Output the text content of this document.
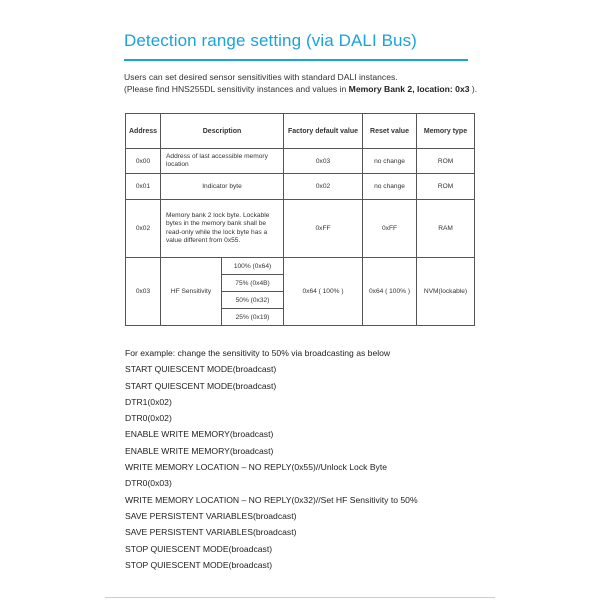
Detection range setting (via DALI Bus)
Users can set desired sensor sensitivities with standard DALI instances.
(Please find HNS255DL sensitivity instances and values in Memory Bank 2, location: 0x3 ).
Address	Description		Factory default value	Reset value	Memory type
0x00	Address of last accessible memory location		0x03	no change	ROM
0x01	Indicator byte		0x02	no change	ROM
0x02	Memory bank 2 lock byte. Lockable bytes in the memory bank shall be read-only while the lock byte has a value different from 0x55.		0xFF	0xFF	RAM
0x03	HF Sensitivity	100% (0x64)	0x64 ( 100% )	0x64 ( 100% )	NVM(lockable)
		75% (0x4B)			
		50% (0x32)			
		25% (0x19)			
For example: change the sensitivity to 50% via broadcasting as below
START QUIESCENT MODE(broadcast)
START QUIESCENT MODE(broadcast)
DTR1(0x02)
DTR0(0x02)
ENABLE WRITE MEMORY(broadcast)
ENABLE WRITE MEMORY(broadcast)
WRITE MEMORY LOCATION – NO REPLY(0x55)//Unlock Lock Byte
DTR0(0x03)
WRITE MEMORY LOCATION – NO REPLY(0x32)//Set HF Sensitivity to 50%
SAVE PERSISTENT VARIABLES(broadcast)
SAVE PERSISTENT VARIABLES(broadcast)
STOP QUIESCENT MODE(broadcast)
STOP QUIESCENT MODE(broadcast)
